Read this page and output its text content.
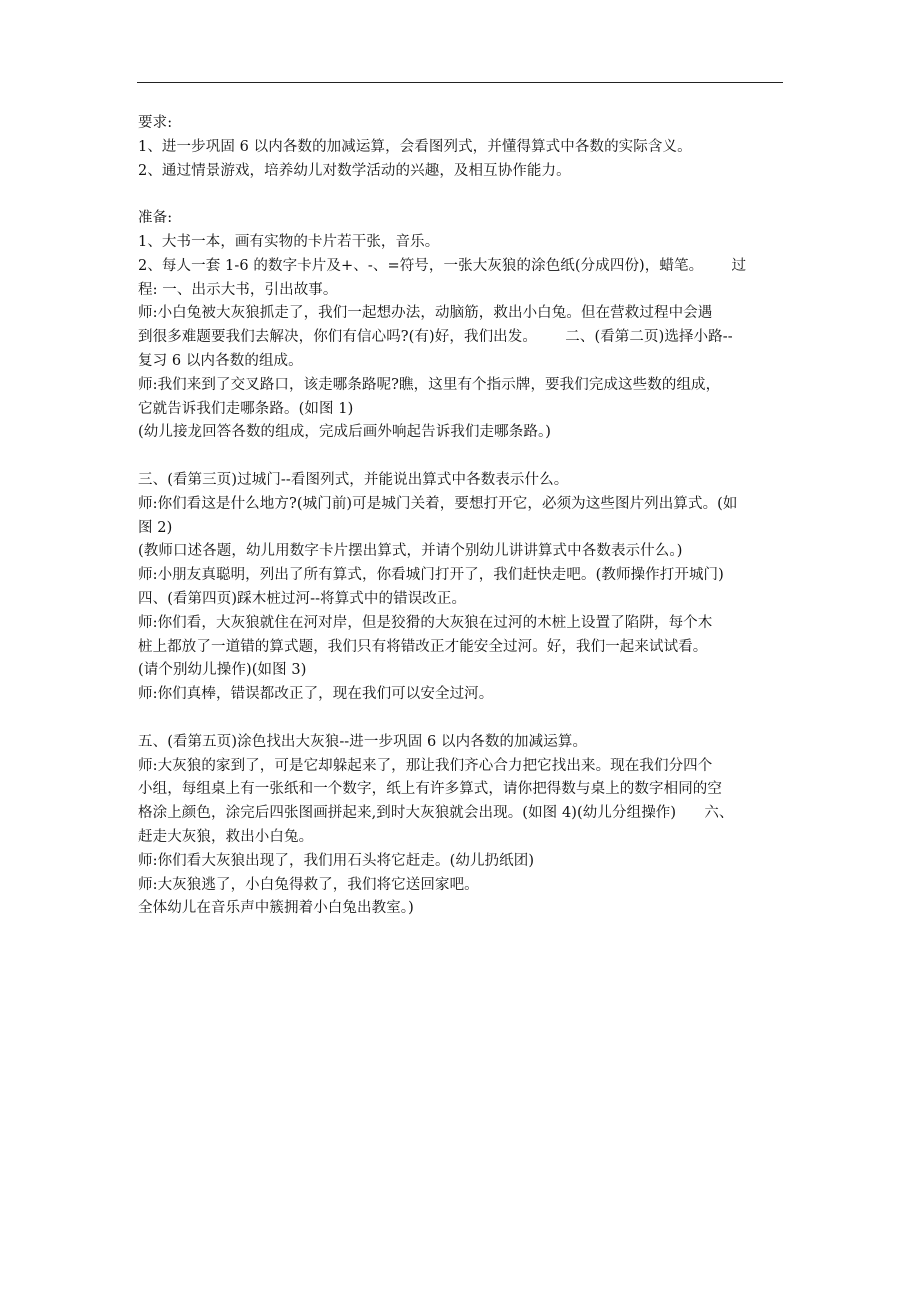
要求:
1、进一步巩固 6 以内各数的加减运算，会看图列式，并懂得算式中各数的实际含义。
2、通过情景游戏，培养幼儿对数学活动的兴趣，及相互协作能力。
准备:
1、大书一本，画有实物的卡片若干张，音乐。
2、每人一套 1-6 的数字卡片及+、-、=符号，一张大灰狼的涂色纸(分成四份)，蜡笔。      过
程: 一、出示大书，引出故事。
师:小白兔被大灰狼抓走了，我们一起想办法，动脑筋，救出小白兔。但在营救过程中会遇
到很多难题要我们去解决，你们有信心吗?(有)好，我们出发。      二、(看第二页)选择小路--
复习 6 以内各数的组成。
师:我们来到了交叉路口，该走哪条路呢?瞧，这里有个指示牌，要我们完成这些数的组成，
它就告诉我们走哪条路。(如图 1)
(幼儿接龙回答各数的组成，完成后画外响起告诉我们走哪条路。)
三、(看第三页)过城门--看图列式，并能说出算式中各数表示什么。
师:你们看这是什么地方?(城门前)可是城门关着，要想打开它，必须为这些图片列出算式。(如
图 2)
(教师口述各题，幼儿用数字卡片摆出算式，并请个别幼儿讲讲算式中各数表示什么。)
师:小朋友真聪明，列出了所有算式，你看城门打开了，我们赶快走吧。(教师操作打开城门)
四、(看第四页)踩木桩过河--将算式中的错误改正。
师:你们看，大灰狼就住在河对岸，但是狡猾的大灰狼在过河的木桩上设置了陷阱，每个木
桩上都放了一道错的算式题，我们只有将错改正才能安全过河。好，我们一起来试试看。
(请个别幼儿操作)(如图 3)
师:你们真棒，错误都改正了，现在我们可以安全过河。
五、(看第五页)涂色找出大灰狼--进一步巩固 6 以内各数的加减运算。
师:大灰狼的家到了，可是它却躲起来了，那让我们齐心合力把它找出来。现在我们分四个
小组，每组桌上有一张纸和一个数字，纸上有许多算式，请你把得数与桌上的数字相同的空
格涂上颜色，涂完后四张图画拼起来,到时大灰狼就会出现。(如图 4)(幼儿分组操作)      六、
赶走大灰狼，救出小白兔。
师:你们看大灰狼出现了，我们用石头将它赶走。(幼儿扔纸团)
师:大灰狼逃了，小白兔得救了，我们将它送回家吧。
全体幼儿在音乐声中簇拥着小白兔出教室。)
